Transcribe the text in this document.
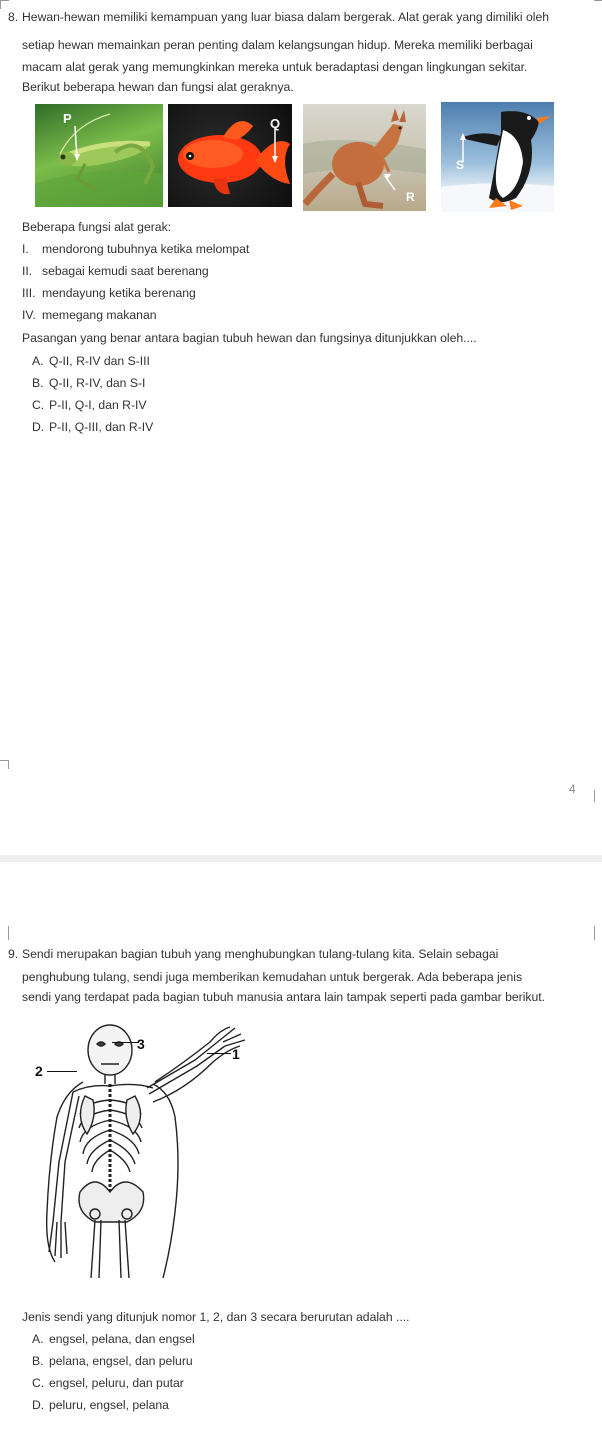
8. Hewan-hewan memiliki kemampuan yang luar biasa dalam bergerak. Alat gerak yang dimiliki oleh
setiap hewan memainkan peran penting dalam kelangsungan hidup. Mereka memiliki berbagai
macam alat gerak yang memungkinkan mereka untuk beradaptasi dengan lingkungan sekitar.
Berikut beberapa hewan dan fungsi alat geraknya.
P	Q
R
S
Beberapa fungsi alat gerak:
I. mendorong tubuhnya ketika melompat
II. sebagai kemudi saat berenang
III. mendayung ketika berenang
IV. memegang makanan
Pasangan yang benar antara bagian tubuh hewan dan fungsinya ditunjukkan oleh....
A. Q-II, R-IV dan S-III
B. Q-II, R-IV, dan S-I
C. P-II, Q-I, dan R-IV
D. P-II, Q-III, dan R-IV
4
9. Sendi merupakan bagian tubuh yang menghubungkan tulang-tulang kita. Selain sebagai
penghubung tulang, sendi juga memberikan kemudahan untuk bergerak. Ada beberapa jenis
sendi yang terdapat pada bagian tubuh manusia antara lain tampak seperti pada gambar berikut.
3
1
2
Jenis sendi yang ditunjuk nomor 1, 2, dan 3 secara berurutan adalah ....
A. engsel, pelana, dan engsel
B. pelana, engsel, dan peluru
C. engsel, peluru, dan putar
D. peluru, engsel, pelana
